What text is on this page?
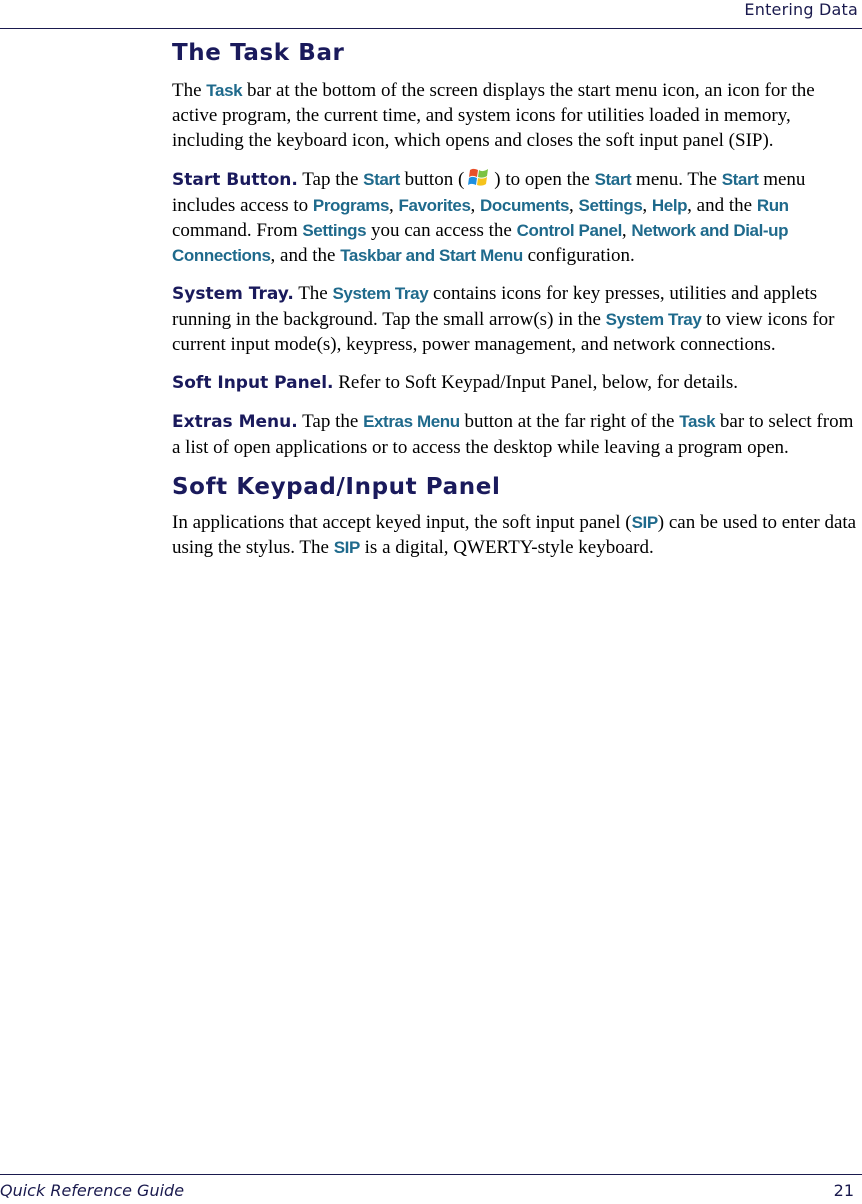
Entering Data
The Task Bar

The Task bar at the bottom of the screen displays the start menu icon, an icon for the active program, the current time, and system icons for utilities loaded in memory, including the keyboard icon, which opens and closes the soft input panel (SIP).

Start Button. Tap the Start button ( ) to open the Start menu. The Start menu includes access to Programs, Favorites, Documents, Settings, Help, and the Run command. From Settings you can access the Control Panel, Network and Dial-up Connections, and the Taskbar and Start Menu configuration.

System Tray. The System Tray contains icons for key presses, utilities and applets running in the background. Tap the small arrow(s) in the System Tray to view icons for current input mode(s), keypress, power management, and network connections.

Soft Input Panel. Refer to Soft Keypad/Input Panel, below, for details.

Extras Menu. Tap the Extras Menu button at the far right of the Task bar to select from a list of open applications or to access the desktop while leaving a program open.

Soft Keypad/Input Panel

In applications that accept keyed input, the soft input panel (SIP) can be used to enter data using the stylus. The SIP is a digital, QWERTY-style keyboard.

Quick Reference Guide	21
